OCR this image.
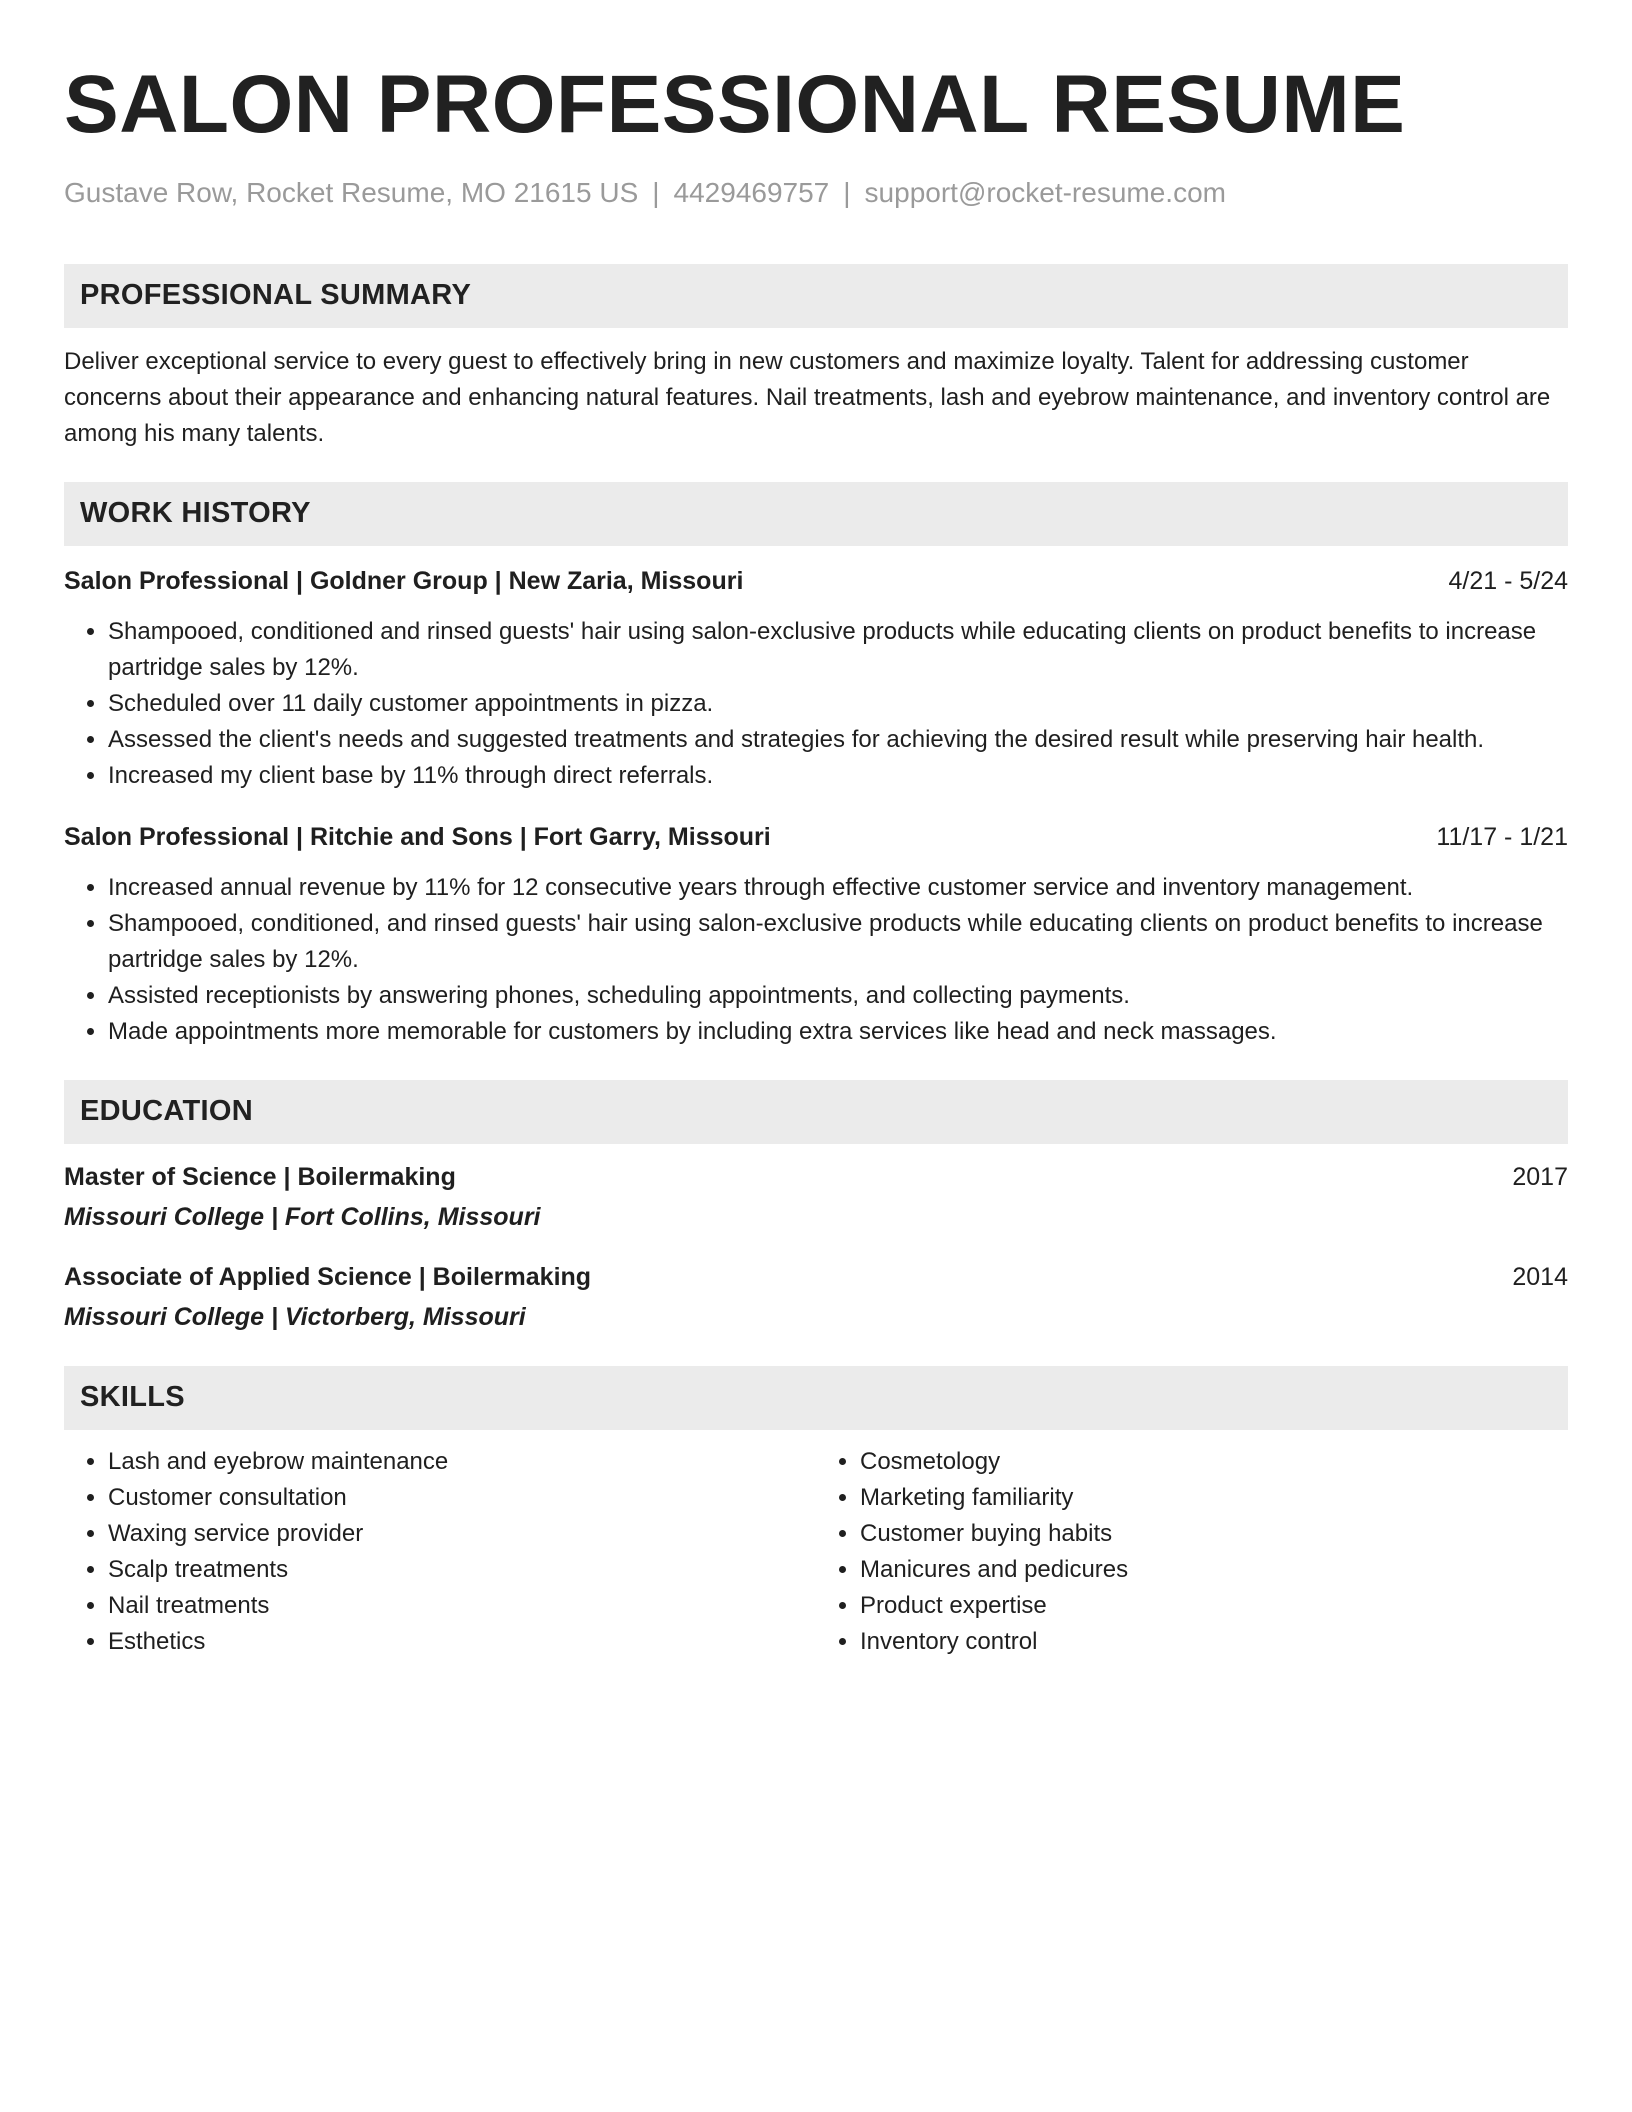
SALON PROFESSIONAL RESUME
Gustave Row, Rocket Resume, MO 21615 US | 4429469757 | support@rocket-resume.com
PROFESSIONAL SUMMARY
Deliver exceptional service to every guest to effectively bring in new customers and maximize loyalty. Talent for addressing customer concerns about their appearance and enhancing natural features. Nail treatments, lash and eyebrow maintenance, and inventory control are among his many talents.
WORK HISTORY
Salon Professional | Goldner Group | New Zaria, Missouri	4/21 - 5/24
• Shampooed, conditioned and rinsed guests' hair using salon-exclusive products while educating clients on product benefits to increase partridge sales by 12%.
• Scheduled over 11 daily customer appointments in pizza.
• Assessed the client's needs and suggested treatments and strategies for achieving the desired result while preserving hair health.
• Increased my client base by 11% through direct referrals.
Salon Professional | Ritchie and Sons | Fort Garry, Missouri	11/17 - 1/21
• Increased annual revenue by 11% for 12 consecutive years through effective customer service and inventory management.
• Shampooed, conditioned, and rinsed guests' hair using salon-exclusive products while educating clients on product benefits to increase partridge sales by 12%.
• Assisted receptionists by answering phones, scheduling appointments, and collecting payments.
• Made appointments more memorable for customers by including extra services like head and neck massages.
EDUCATION
Master of Science | Boilermaking	2017
Missouri College | Fort Collins, Missouri
Associate of Applied Science | Boilermaking	2014
Missouri College | Victorberg, Missouri
SKILLS
• Lash and eyebrow maintenance
• Customer consultation
• Waxing service provider
• Scalp treatments
• Nail treatments
• Esthetics
• Cosmetology
• Marketing familiarity
• Customer buying habits
• Manicures and pedicures
• Product expertise
• Inventory control
